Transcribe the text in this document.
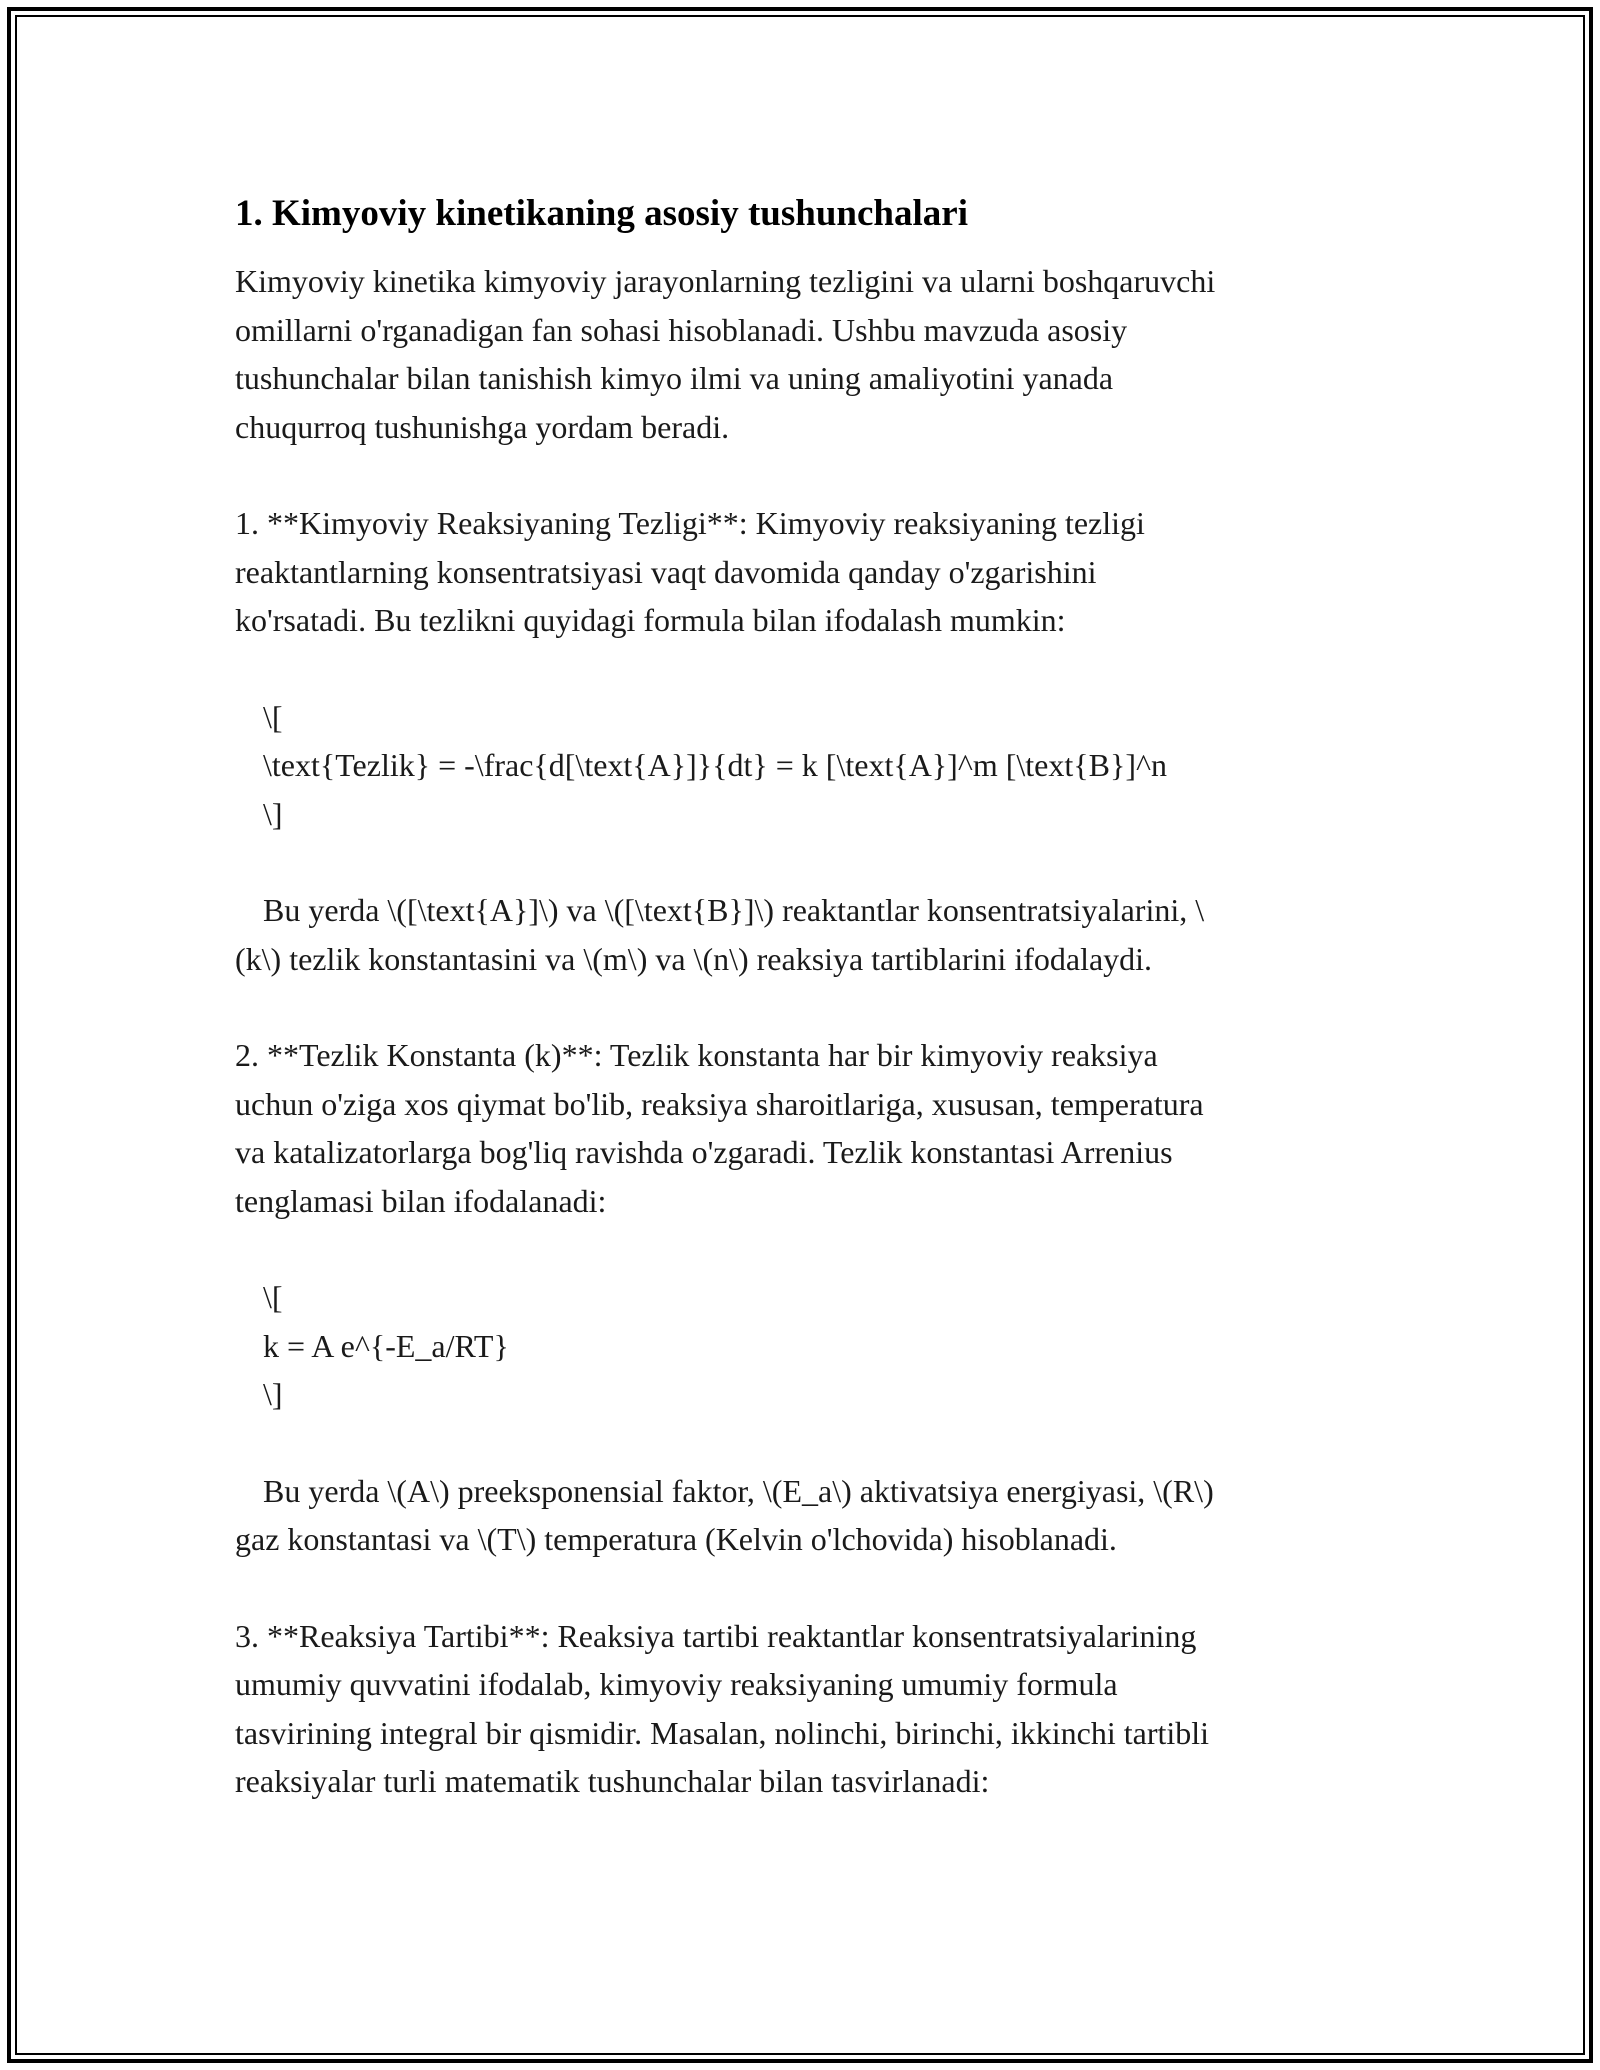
1. Kimyoviy kinetikaning asosiy tushunchalari

Kimyoviy kinetika kimyoviy jarayonlarning tezligini va ularni boshqaruvchi
omillarni o'rganadigan fan sohasi hisoblanadi. Ushbu mavzuda asosiy
tushunchalar bilan tanishish kimyo ilmi va uning amaliyotini yanada
chuqurroq tushunishga yordam beradi.

1. **Kimyoviy Reaksiyaning Tezligi**: Kimyoviy reaksiyaning tezligi
reaktantlarning konsentratsiyasi vaqt davomida qanday o'zgarishini
ko'rsatadi. Bu tezlikni quyidagi formula bilan ifodalash mumkin:

\[
\text{Tezlik} = -\frac{d[\text{A}]}{dt} = k [\text{A}]^m [\text{B}]^n
\]

Bu yerda \([\text{A}]\) va \([\text{B}]\) reaktantlar konsentratsiyalarini, \
(k\) tezlik konstantasini va \(m\) va \(n\) reaksiya tartiblarini ifodalaydi.

2. **Tezlik Konstanta (k)**: Tezlik konstanta har bir kimyoviy reaksiya
uchun o'ziga xos qiymat bo'lib, reaksiya sharoitlariga, xususan, temperatura
va katalizatorlarga bog'liq ravishda o'zgaradi. Tezlik konstantasi Arrenius
tenglamasi bilan ifodalanadi:

\[
k = A e^{-E_a/RT}
\]

Bu yerda \(A\) preeksponensial faktor, \(E_a\) aktivatsiya energiyasi, \(R\)
gaz konstantasi va \(T\) temperatura (Kelvin o'lchovida) hisoblanadi.

3. **Reaksiya Tartibi**: Reaksiya tartibi reaktantlar konsentratsiyalarining
umumiy quvvatini ifodalab, kimyoviy reaksiyaning umumiy formula
tasvirining integral bir qismidir. Masalan, nolinchi, birinchi, ikkinchi tartibli
reaksiyalar turli matematik tushunchalar bilan tasvirlanadi:
